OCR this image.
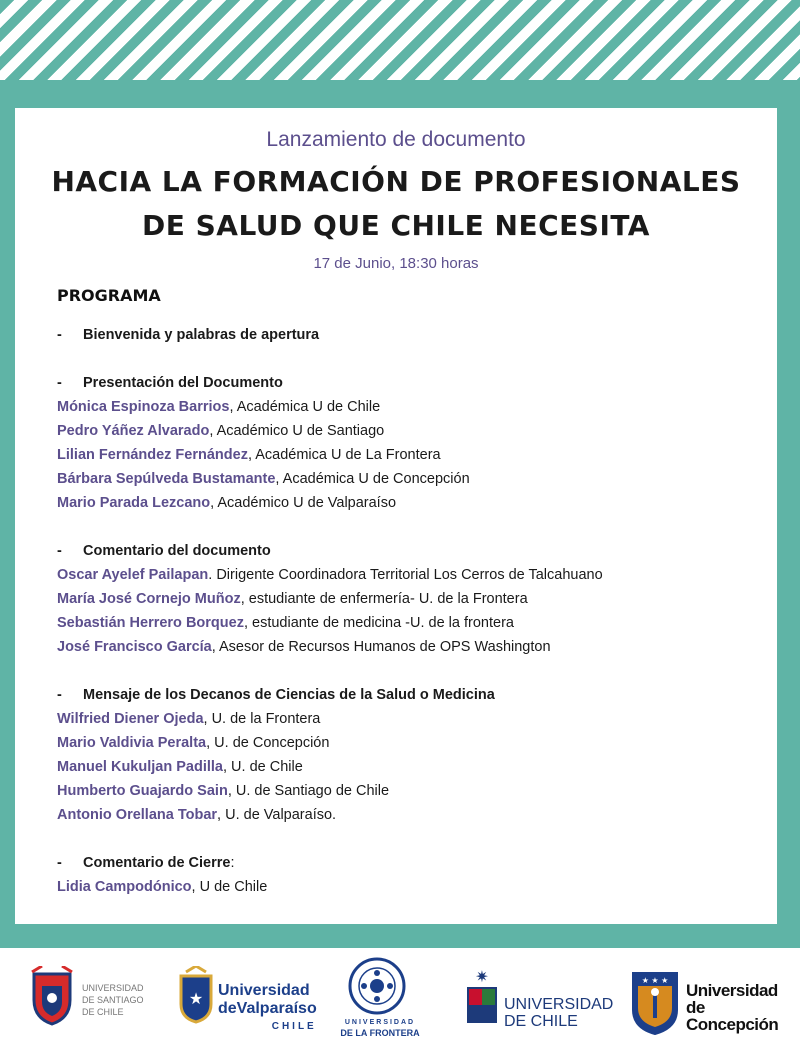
Lanzamiento de documento
HACIA LA FORMACIÓN DE PROFESIONALES
DE SALUD QUE CHILE NECESITA
17 de Junio, 18:30 horas
PROGRAMA
- Bienvenida y palabras de apertura
- Presentación del Documento
Mónica Espinoza Barrios, Académica U de Chile
Pedro Yáñez Alvarado, Académico U de Santiago
Lilian Fernández Fernández, Académica U de La Frontera
Bárbara Sepúlveda Bustamante, Académica U de Concepción
Mario Parada Lezcano, Académico U de Valparaíso
- Comentario del documento
Oscar Ayelef Pailapan. Dirigente Coordinadora Territorial Los Cerros de Talcahuano
María José Cornejo Muñoz, estudiante de enfermería- U. de la Frontera
Sebastián Herrero Borquez, estudiante de medicina -U. de la frontera
José Francisco García, Asesor de Recursos Humanos de OPS Washington
- Mensaje de los Decanos de Ciencias de la Salud o Medicina
Wilfried Diener Ojeda, U. de la Frontera
Mario Valdivia Peralta, U. de Concepción
Manuel Kukuljan Padilla, U. de Chile
Humberto Guajardo Sain, U. de Santiago de Chile
Antonio Orellana Tobar, U. de Valparaíso.
- Comentario de Cierre:
Lidia Campodónico, U de Chile
UNIVERSIDAD
DE SANTIAGO
DE CHILE
★ Universidad
deValparaíso
CHILE	UNIVERSIDAD
DE LA FRONTERA
✷
UNIVERSIDAD
DE CHILE
★ ★ ★
Universidad
de Concepción
